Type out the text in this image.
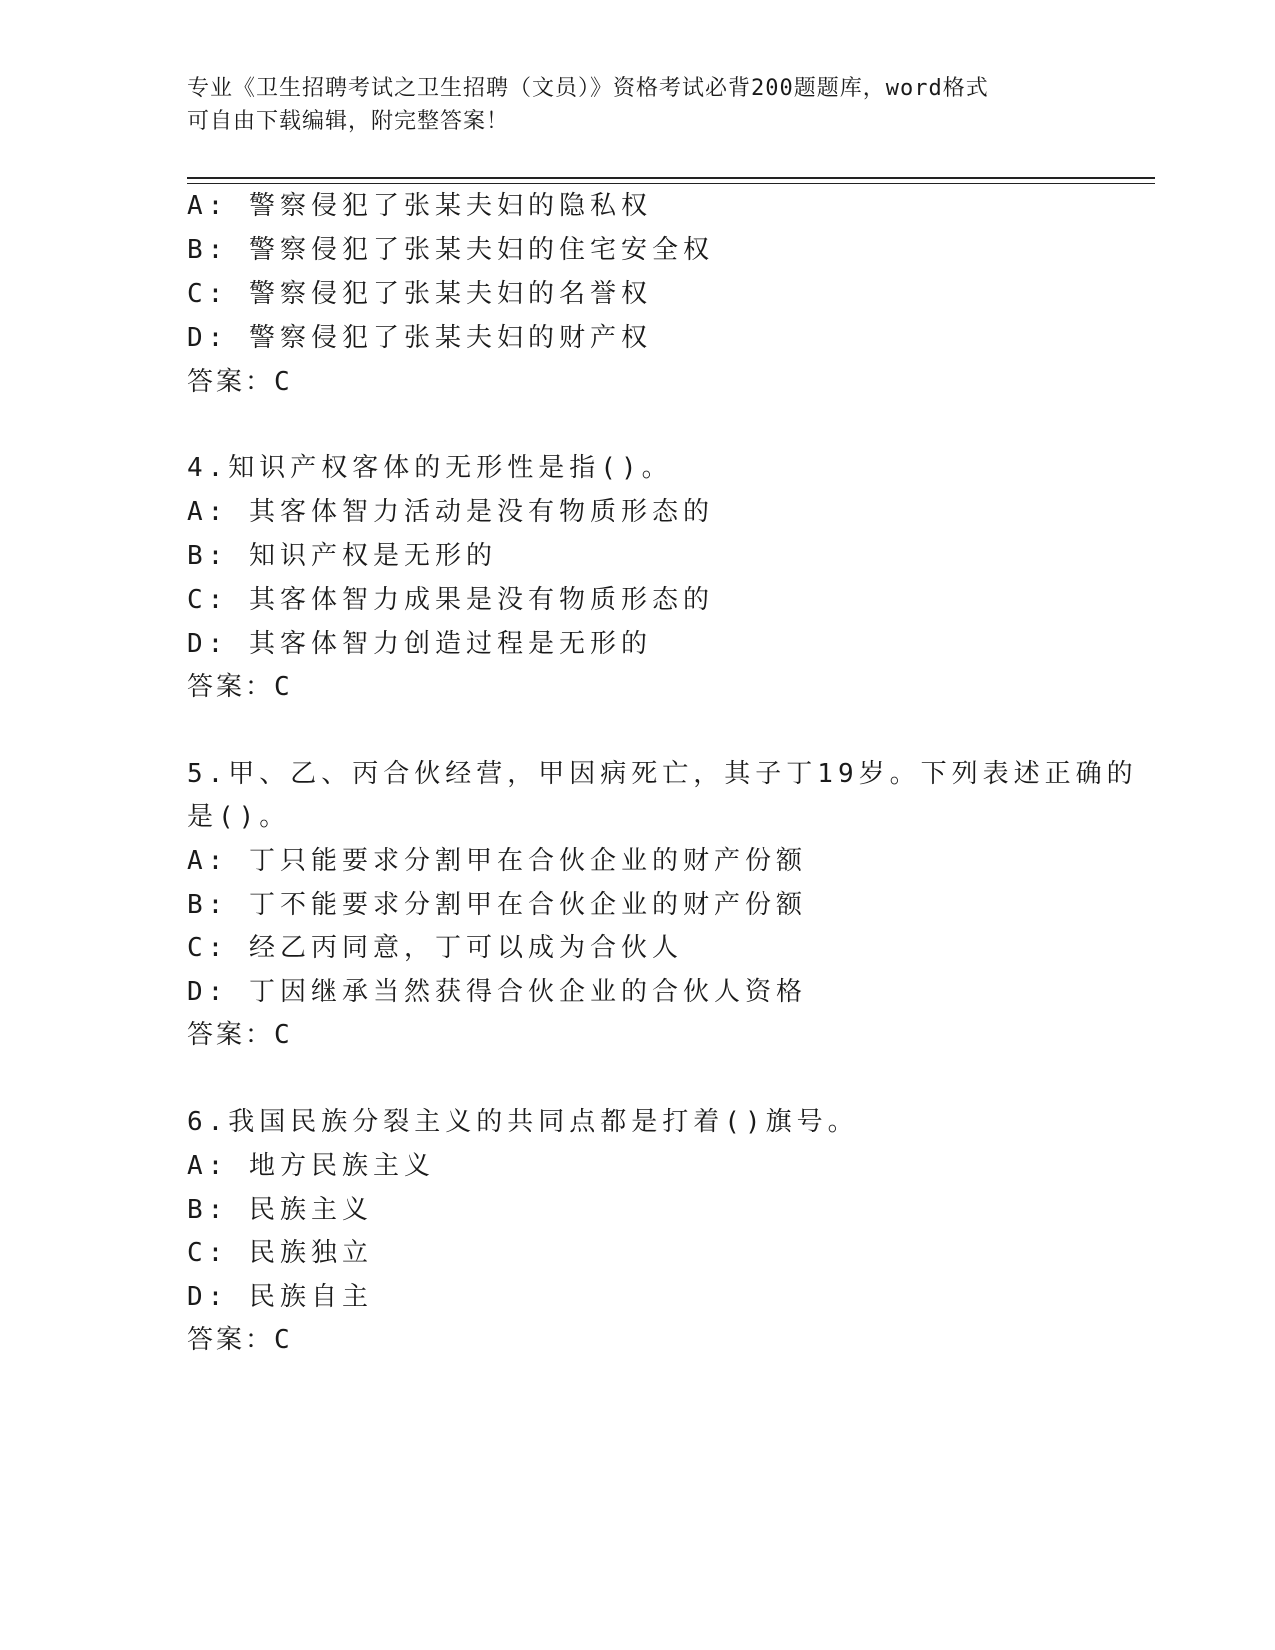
专业《卫生招聘考试之卫生招聘（文员）》资格考试必背200题题库，word格式
可自由下载编辑，附完整答案！
A: 警察侵犯了张某夫妇的隐私权
B: 警察侵犯了张某夫妇的住宅安全权
C: 警察侵犯了张某夫妇的名誉权
D: 警察侵犯了张某夫妇的财产权
答案：C
4.知识产权客体的无形性是指()。
A: 其客体智力活动是没有物质形态的
B: 知识产权是无形的
C: 其客体智力成果是没有物质形态的
D: 其客体智力创造过程是无形的
答案：C
5.甲、乙、丙合伙经营，甲因病死亡，其子丁19岁。下列表述正确的
是()。
A: 丁只能要求分割甲在合伙企业的财产份额
B: 丁不能要求分割甲在合伙企业的财产份额
C: 经乙丙同意，丁可以成为合伙人
D: 丁因继承当然获得合伙企业的合伙人资格
答案：C
6.我国民族分裂主义的共同点都是打着()旗号。
A: 地方民族主义
B: 民族主义
C: 民族独立
D: 民族自主
答案：C
